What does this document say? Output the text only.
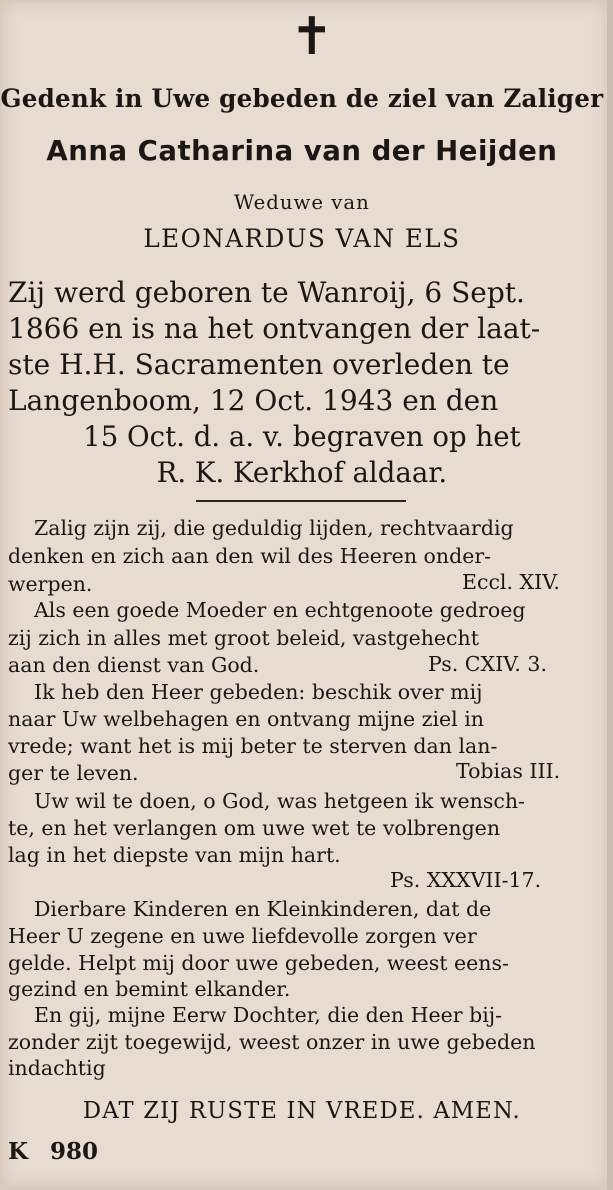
✝
Gedenk in Uwe gebeden de ziel van Zaliger
Anna Catharina van der Heijden
Weduwe van
LEONARDUS VAN ELS
Zij werd geboren te Wanroij, 6 Sept.
1866 en is na het ontvangen der laat-
ste H.H. Sacramenten overleden te
Langenboom, 12 Oct. 1943 en den
15 Oct. d. a. v. begraven op het
R. K. Kerkhof aldaar.
Zalig zijn zij, die geduldig lijden, rechtvaardig
denken en zich aan den wil des Heeren onder-
werpen.	Eccl. XIV.
Als een goede Moeder en echtgenoote gedroeg
zij zich in alles met groot beleid, vastgehecht
aan den dienst van God.	Ps. CXIV. 3.
Ik heb den Heer gebeden: beschik over mij
naar Uw welbehagen en ontvang mijne ziel in
vrede; want het is mij beter te sterven dan lan-
ger te leven.	Tobias III.
Uw wil te doen, o God, was hetgeen ik wensch-
te, en het verlangen om uwe wet te volbrengen
lag in het diepste van mijn hart.
Ps. XXXVII-17.
Dierbare Kinderen en Kleinkinderen, dat de
Heer U zegene en uwe liefdevolle zorgen ver
gelde. Helpt mij door uwe gebeden, weest eens-
gezind en bemint elkander.
En gij, mijne Eerw Dochter, die den Heer bij-
zonder zijt toegewijd, weest onzer in uwe gebeden
indachtig
DAT ZIJ RUSTE IN VREDE. AMEN.
K 980
